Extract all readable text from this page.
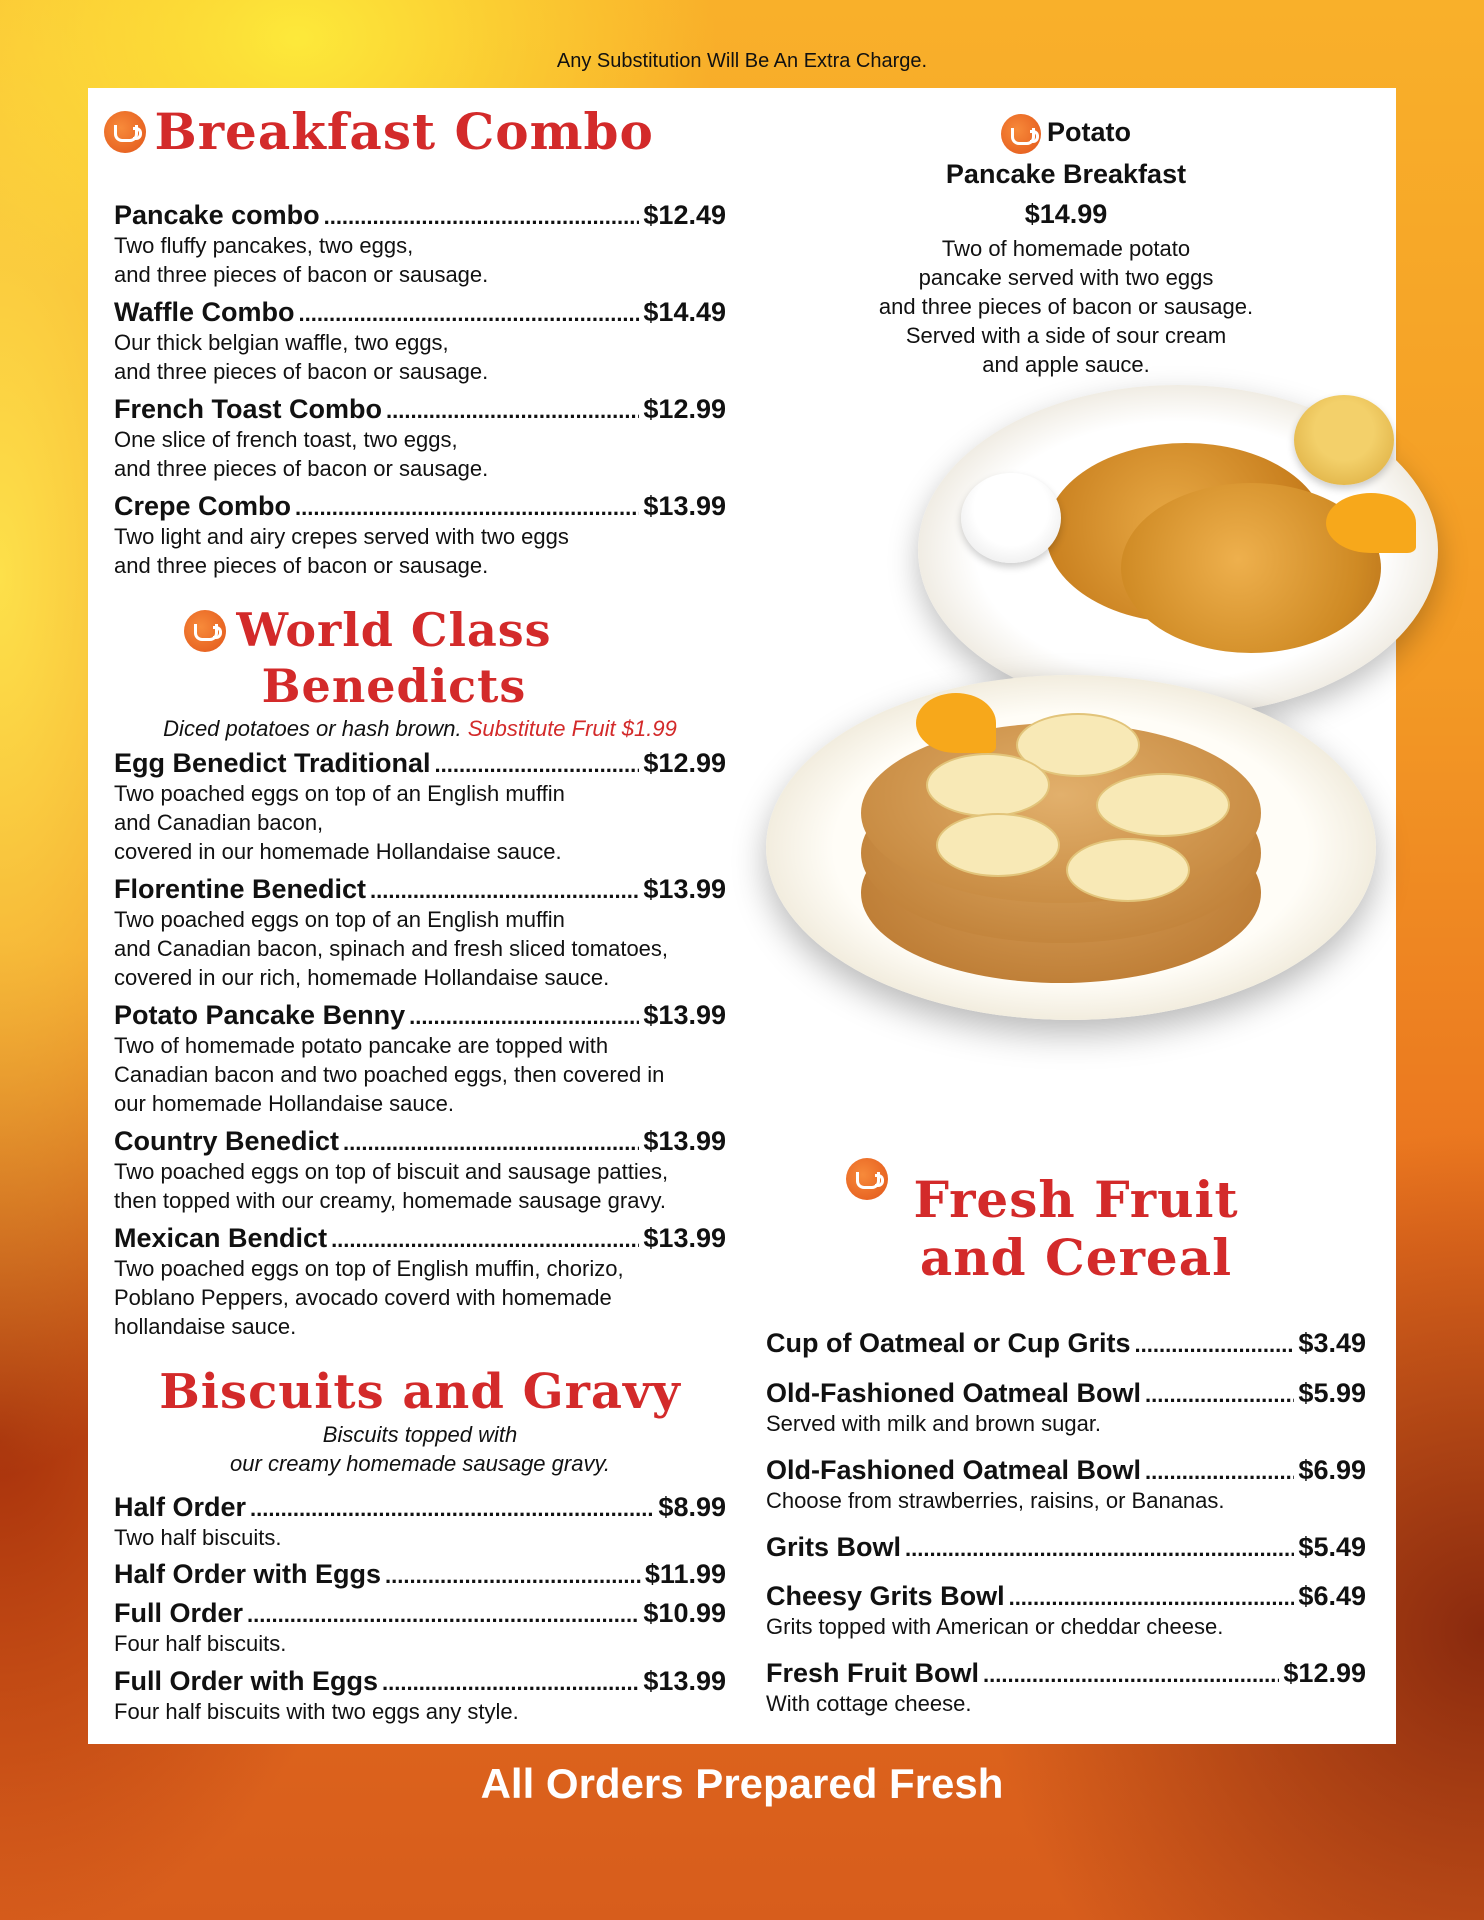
Any Substitution Will Be An Extra Charge.
Breakfast Combo
Pancake combo .....	$12.49
Two fluffy pancakes, two eggs,
and three pieces of bacon or sausage.
Waffle Combo .....	$14.49
Our thick belgian waffle, two eggs,
and three pieces of bacon or sausage.
French Toast Combo .....	$12.99
One slice of french toast, two eggs,
and three pieces of bacon or sausage.
Crepe Combo .....	$13.99
Two light and airy crepes served with two eggs
and three pieces of bacon or sausage.
World Class
Benedicts
Diced potatoes or hash brown. Substitute Fruit $1.99
Egg Benedict Traditional .....	$12.99
Two poached eggs on top of an English muffin
and Canadian bacon,
covered in our homemade Hollandaise sauce.
Florentine Benedict .....	$13.99
Two poached eggs on top of an English muffin
and Canadian bacon, spinach and fresh sliced tomatoes,
covered in our rich, homemade Hollandaise sauce.
Potato Pancake Benny .....	$13.99
Two of homemade potato pancake are topped with
Canadian bacon and two poached eggs, then covered in
our homemade Hollandaise sauce.
Country Benedict .....	$13.99
Two poached eggs on top of biscuit and sausage patties,
then topped with our creamy, homemade sausage gravy.
Mexican Bendict .....	$13.99
Two poached eggs on top of English muffin, chorizo,
Poblano Peppers, avocado coverd with homemade
hollandaise sauce.
Biscuits and Gravy
Biscuits topped with
our creamy homemade sausage gravy.
Half Order .....	$8.99
Two half biscuits.
Half Order with Eggs .....	$11.99
Full Order .....	$10.99
Four half biscuits.
Full Order with Eggs .....	$13.99
Four half biscuits with two eggs any style.
Potato
Pancake Breakfast
$14.99
Two of homemade potato
pancake served with two eggs
and three pieces of bacon or sausage.
Served with a side of sour cream
and apple sauce.
Fresh Fruit
and Cereal
Cup of Oatmeal or Cup Grits .....	$3.49
Old-Fashioned Oatmeal Bowl .....	$5.99
Served with milk and brown sugar.
Old-Fashioned Oatmeal Bowl .....	$6.99
Choose from strawberries, raisins, or Bananas.
Grits Bowl .....	$5.49
Cheesy Grits Bowl .....	$6.49
Grits topped with American or cheddar cheese.
Fresh Fruit Bowl .....	$12.99
With cottage cheese.
All Orders Prepared Fresh
